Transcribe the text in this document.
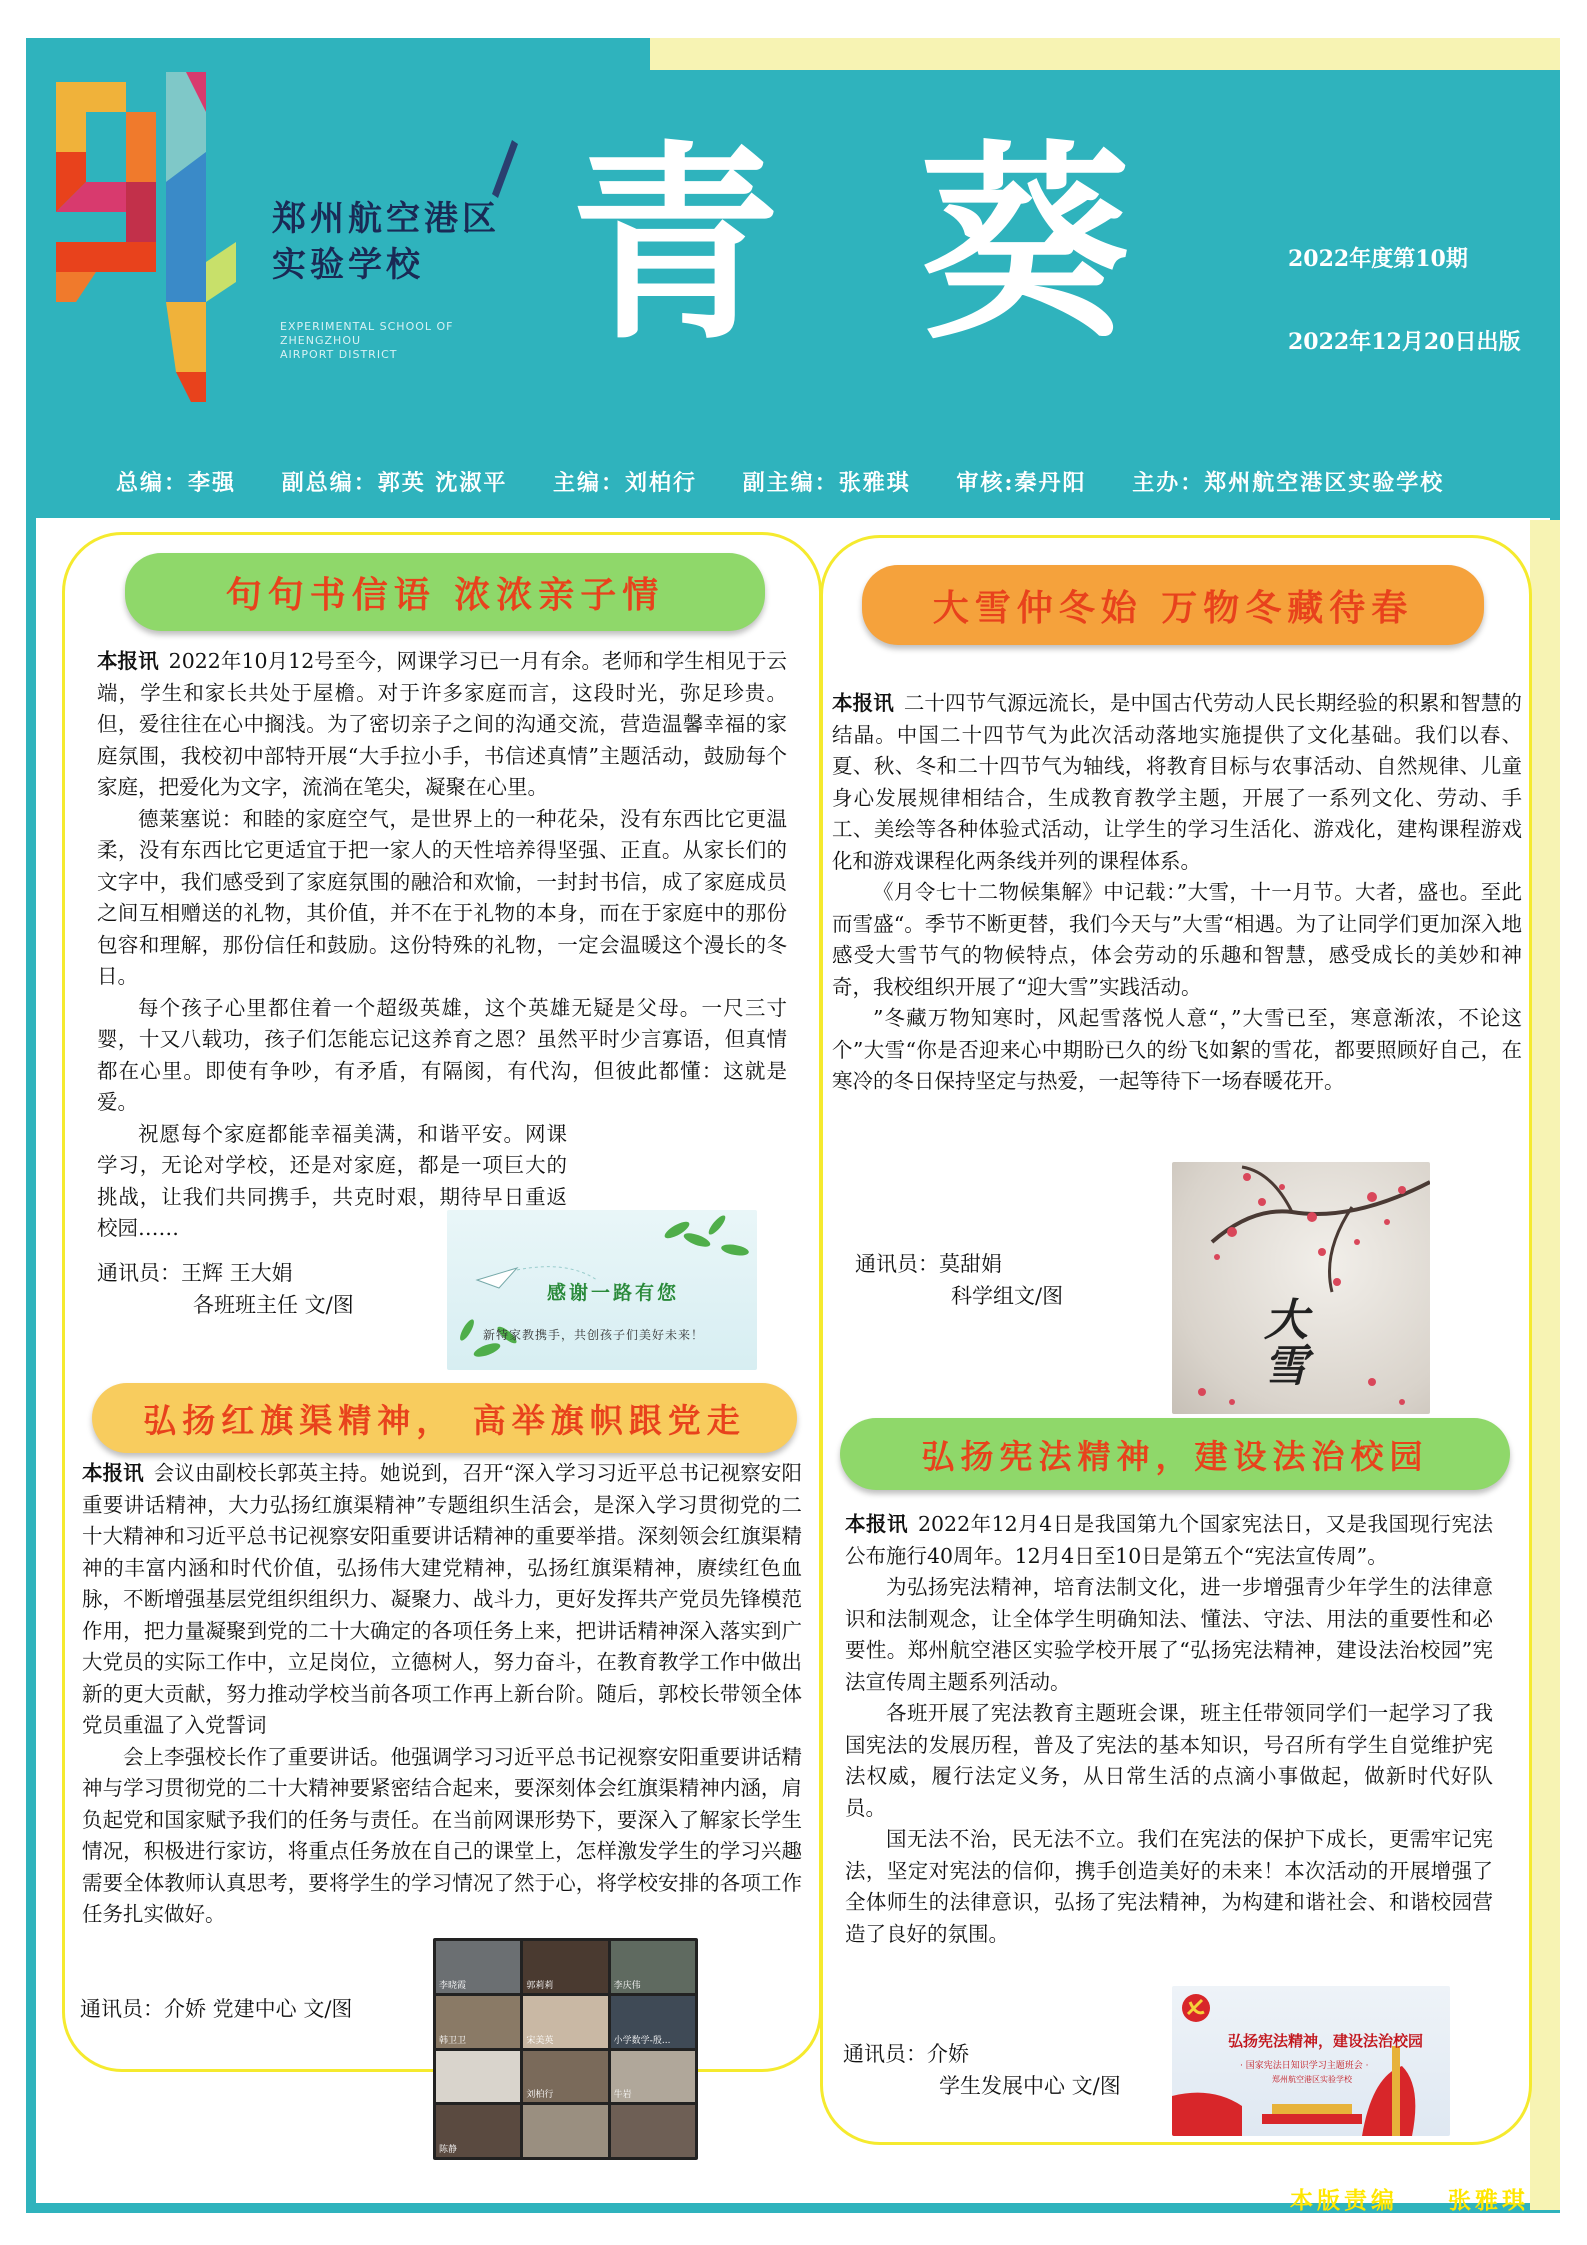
郑州航空港区
实验学校
EXPERIMENTAL SCHOOL OF
ZHENGZHOU
AIRPORT DISTRICT 青葵 2022年度第10期
2022年12月20日出版
总编：李强 副总编：郭英 沈淑平 主编：刘柏行 副主编：张雅琪 审核:秦丹阳 主办：郑州航空港区实验学校
句句书信语 浓浓亲子情

本报讯 2022年10月12号至今，网课学习已一月有余。老师和学生相见于云端，学生和家长共处于屋檐。对于许多家庭而言，这段时光，弥足珍贵。但，爱往往在心中搁浅。为了密切亲子之间的沟通交流，营造温馨幸福的家庭氛围，我校初中部特开展“大手拉小手，书信述真情”主题活动，鼓励每个家庭，把爱化为文字，流淌在笔尖，凝聚在心里。

德莱塞说：和睦的家庭空气，是世界上的一种花朵，没有东西比它更温柔，没有东西比它更适宜于把一家人的天性培养得坚强、正直。从家长们的文字中，我们感受到了家庭氛围的融洽和欢愉，一封封书信，成了家庭成员之间互相赠送的礼物，其价值，并不在于礼物的本身，而在于家庭中的那份包容和理解，那份信任和鼓励。这份特殊的礼物，一定会温暖这个漫长的冬日。

每个孩子心里都住着一个超级英雄，这个英雄无疑是父母。一尺三寸婴，十又八载功，孩子们怎能忘记这养育之恩？虽然平时少言寡语，但真情都在心里。即使有争吵，有矛盾，有隔阂，有代沟，但彼此都懂：这就是爱。

祝愿每个家庭都能幸福美满，和谐平安。网课学习，无论对学校，还是对家庭，都是一项巨大的挑战，让我们共同携手，共克时艰，期待早日重返校园……

通讯员：王辉 王大娟
各班班主任 文/图	感谢一路有您
新特家教携手，共创孩子们美好未来！
弘扬红旗渠精神， 高举旗帜跟党走

本报讯 会议由副校长郭英主持。她说到，召开“深入学习习近平总书记视察安阳重要讲话精神，大力弘扬红旗渠精神”专题组织生活会，是深入学习贯彻党的二十大精神和习近平总书记视察安阳重要讲话精神的重要举措。深刻领会红旗渠精神的丰富内涵和时代价值，弘扬伟大建党精神，弘扬红旗渠精神，赓续红色血脉，不断增强基层党组织组织力、凝聚力、战斗力，更好发挥共产党员先锋模范作用，把力量凝聚到党的二十大确定的各项任务上来，把讲话精神深入落实到广大党员的实际工作中，立足岗位，立德树人，努力奋斗，在教育教学工作中做出新的更大贡献，努力推动学校当前各项工作再上新台阶。随后，郭校长带领全体党员重温了入党誓词

会上李强校长作了重要讲话。他强调学习习近平总书记视察安阳重要讲话精神与学习贯彻党的二十大精神要紧密结合起来，要深刻体会红旗渠精神内涵，肩负起党和国家赋予我们的任务与责任。在当前网课形势下，要深入了解家长学生情况，积极进行家访，将重点任务放在自己的课堂上，怎样激发学生的学习兴趣需要全体教师认真思考，要将学生的学习情况了然于心，将学校安排的各项工作任务扎实做好。

通讯员：介娇 党建中心 文/图
李晓霞	郭莉莉	李庆伟
韩卫卫	宋美英	小学数学-殷...
刘柏行	牛岩
陈静
大雪仲冬始 万物冬藏待春

本报讯 二十四节气源远流长，是中国古代劳动人民长期经验的积累和智慧的结晶。中国二十四节气为此次活动落地实施提供了文化基础。我们以春、夏、秋、冬和二十四节气为轴线，将教育目标与农事活动、自然规律、儿童身心发展规律相结合，生成教育教学主题，开展了一系列文化、劳动、手工、美绘等各种体验式活动，让学生的学习生活化、游戏化，建构课程游戏化和游戏课程化两条线并列的课程体系。

《月令七十二物候集解》中记载：”大雪，十一月节。大者，盛也。至此而雪盛“。季节不断更替，我们今天与”大雪“相遇。为了让同学们更加深入地感受大雪节气的物候特点，体会劳动的乐趣和智慧，感受成长的美妙和神奇，我校组织开展了“迎大雪”实践活动。

”冬藏万物知寒时，风起雪落悦人意“，”大雪已至，寒意渐浓，不论这个”大雪“你是否迎来心中期盼已久的纷飞如絮的雪花，都要照顾好自己，在寒冷的冬日保持坚定与热爱，一起等待下一场春暖花开。

通讯员：莫甜娟
科学组文/图	大雪
弘扬宪法精神，建设法治校园

本报讯 2022年12月4日是我国第九个国家宪法日，又是我国现行宪法公布施行40周年。12月4日至10日是第五个“宪法宣传周”。

为弘扬宪法精神，培育法制文化，进一步增强青少年学生的法律意识和法制观念，让全体学生明确知法、懂法、守法、用法的重要性和必要性。郑州航空港区实验学校开展了“弘扬宪法精神，建设法治校园”宪法宣传周主题系列活动。

各班开展了宪法教育主题班会课，班主任带领同学们一起学习了我国宪法的发展历程，普及了宪法的基本知识，号召所有学生自觉维护宪法权威，履行法定义务，从日常生活的点滴小事做起，做新时代好队员。

国无法不治，民无法不立。我们在宪法的保护下成长，更需牢记宪法，坚定对宪法的信仰，携手创造美好的未来！本次活动的开展增强了全体师生的法律意识，弘扬了宪法精神，为构建和谐社会、和谐校园营造了良好的氛围。

通讯员：介娇
学生发展中心 文/图
弘扬宪法精神，建设法治校园
· 国家宪法日知识学习主题班会 ·
郑州航空港区实验学校
本版责编 张雅琪
